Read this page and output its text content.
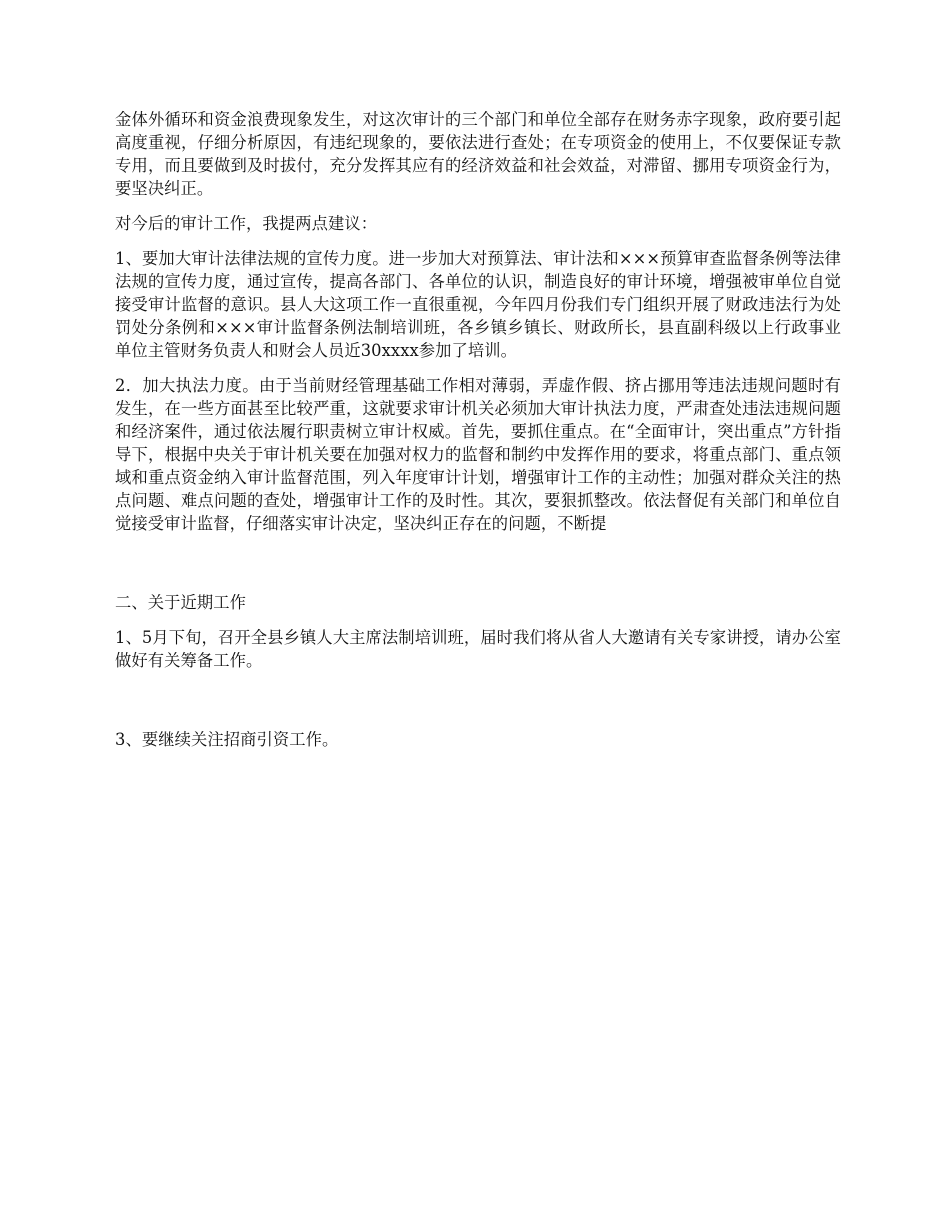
金体外循环和资金浪费现象发生，对这次审计的三个部门和单位全部存在财务赤字现象，政府要引起高度重视，仔细分析原因，有违纪现象的，要依法进行查处；在专项资金的使用上，不仅要保证专款专用，而且要做到及时拔付，充分发挥其应有的经济效益和社会效益，对滞留、挪用专项资金行为，要坚决纠正。

对今后的审计工作，我提两点建议：

1、要加大审计法律法规的宣传力度。进一步加大对预算法、审计法和×××预算审查监督条例等法律法规的宣传力度，通过宣传，提高各部门、各单位的认识，制造良好的审计环境，增强被审单位自觉接受审计监督的意识。县人大这项工作一直很重视，今年四月份我们专门组织开展了财政违法行为处罚处分条例和×××审计监督条例法制培训班，各乡镇乡镇长、财政所长，县直副科级以上行政事业单位主管财务负责人和财会人员近30xxxx参加了培训。

2．加大执法力度。由于当前财经管理基础工作相对薄弱，弄虚作假、挤占挪用等违法违规问题时有发生，在一些方面甚至比较严重，这就要求审计机关必须加大审计执法力度，严肃查处违法违规问题和经济案件，通过依法履行职责树立审计权威。首先，要抓住重点。在“全面审计，突出重点”方针指导下，根据中央关于审计机关要在加强对权力的监督和制约中发挥作用的要求，将重点部门、重点领域和重点资金纳入审计监督范围，列入年度审计计划，增强审计工作的主动性；加强对群众关注的热点问题、难点问题的查处，增强审计工作的及时性。其次，要狠抓整改。依法督促有关部门和单位自觉接受审计监督，仔细落实审计决定，坚决纠正存在的问题，不断提

二、关于近期工作

1、5月下旬，召开全县乡镇人大主席法制培训班，届时我们将从省人大邀请有关专家讲授，请办公室做好有关筹备工作。

3、要继续关注招商引资工作。
